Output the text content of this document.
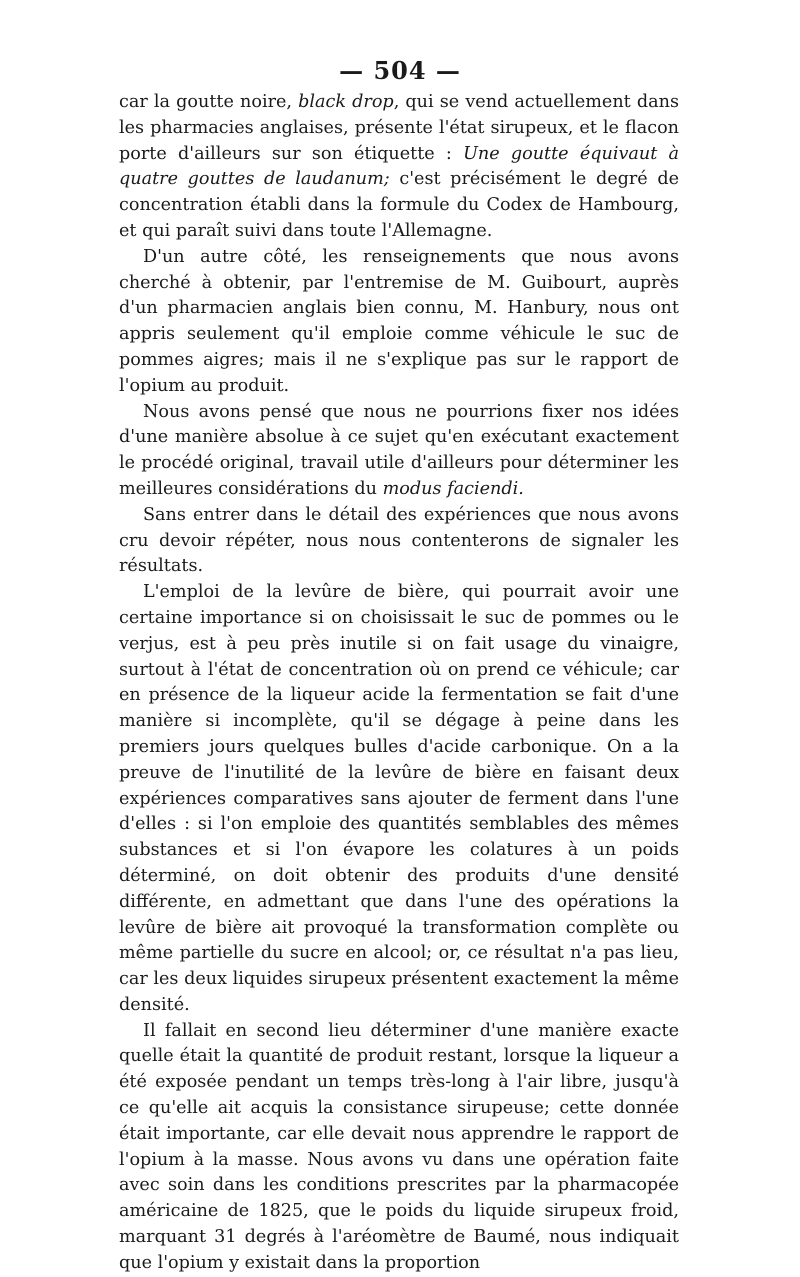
— 504 —

car la goutte noire, black drop, qui se vend actuellement dans les pharmacies anglaises, présente l'état sirupeux, et le flacon porte d'ailleurs sur son étiquette : Une goutte équivaut à quatre gouttes de laudanum; c'est précisément le degré de concentration établi dans la formule du Codex de Hambourg, et qui paraît suivi dans toute l'Allemagne.

D'un autre côté, les renseignements que nous avons cherché à obtenir, par l'entremise de M. Guibourt, auprès d'un pharmacien anglais bien connu, M. Hanbury, nous ont appris seulement qu'il emploie comme véhicule le suc de pommes aigres; mais il ne s'explique pas sur le rapport de l'opium au produit.

Nous avons pensé que nous ne pourrions fixer nos idées d'une manière absolue à ce sujet qu'en exécutant exactement le procédé original, travail utile d'ailleurs pour déterminer les meilleures considérations du modus faciendi.

Sans entrer dans le détail des expériences que nous avons cru devoir répéter, nous nous contenterons de signaler les résultats.

L'emploi de la levûre de bière, qui pourrait avoir une certaine importance si on choisissait le suc de pommes ou le verjus, est à peu près inutile si on fait usage du vinaigre, surtout à l'état de concentration où on prend ce véhicule; car en présence de la liqueur acide la fermentation se fait d'une manière si incomplète, qu'il se dégage à peine dans les premiers jours quelques bulles d'acide carbonique. On a la preuve de l'inutilité de la levûre de bière en faisant deux expériences comparatives sans ajouter de ferment dans l'une d'elles : si l'on emploie des quantités semblables des mêmes substances et si l'on évapore les colatures à un poids déterminé, on doit obtenir des produits d'une densité différente, en admettant que dans l'une des opérations la levûre de bière ait provoqué la transformation complète ou même partielle du sucre en alcool; or, ce résultat n'a pas lieu, car les deux liquides sirupeux présentent exactement la même densité.

Il fallait en second lieu déterminer d'une manière exacte quelle était la quantité de produit restant, lorsque la liqueur a été exposée pendant un temps très-long à l'air libre, jusqu'à ce qu'elle ait acquis la consistance sirupeuse; cette donnée était importante, car elle devait nous apprendre le rapport de l'opium à la masse. Nous avons vu dans une opération faite avec soin dans les conditions prescrites par la pharmacopée américaine de 1825, que le poids du liquide sirupeux froid, marquant 31 degrés à l'aréomètre de Baumé, nous indiquait que l'opium y existait dans la proportion
